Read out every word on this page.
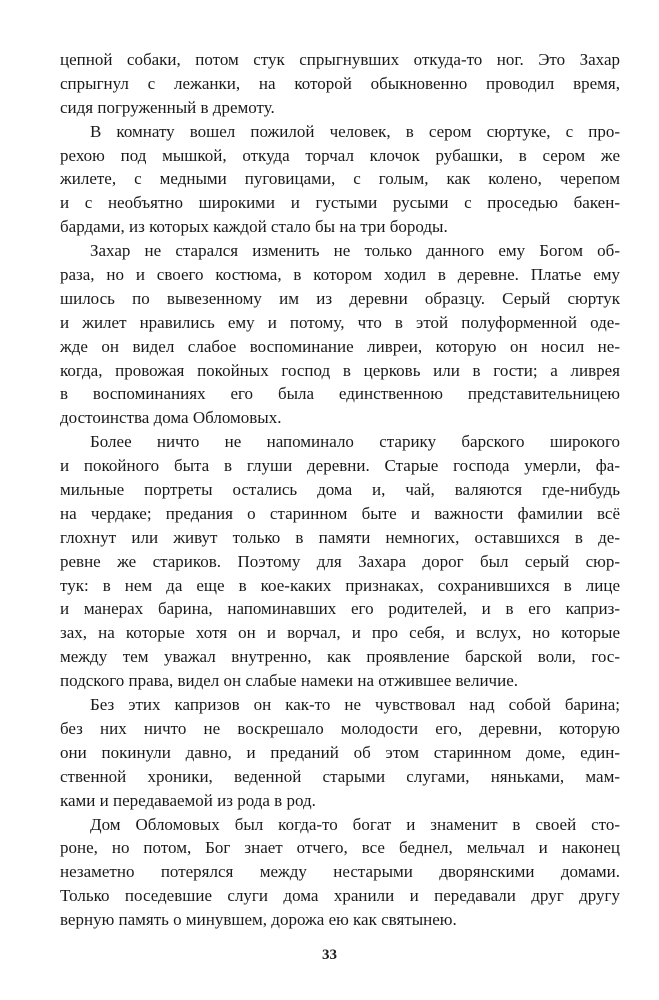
цепной собаки, потом стук спрыгнувших откуда-то ног. Это Захар
спрыгнул с лежанки, на которой обыкновенно проводил время,
сидя погруженный в дремоту.
В комнату вошел пожилой человек, в сером сюртуке, с про-
рехою под мышкой, откуда торчал клочок рубашки, в сером же
жилете, с медными пуговицами, с голым, как колено, черепом
и с необъятно широкими и густыми русыми с проседью бакен-
бардами, из которых каждой стало бы на три бороды.
Захар не старался изменить не только данного ему Богом об-
раза, но и своего костюма, в котором ходил в деревне. Платье ему
шилось по вывезенному им из деревни образцу. Серый сюртук
и жилет нравились ему и потому, что в этой полуформенной оде-
жде он видел слабое воспоминание ливреи, которую он носил не-
когда, провожая покойных господ в церковь или в гости; а ливрея
в воспоминаниях его была единственною представительницею
достоинства дома Обломовых.
Более ничто не напоминало старику барского широкого
и покойного быта в глуши деревни. Старые господа умерли, фа-
мильные портреты остались дома и, чай, валяются где-нибудь
на чердаке; предания о старинном быте и важности фамилии всё
глохнут или живут только в памяти немногих, оставшихся в де-
ревне же стариков. Поэтому для Захара дорог был серый сюр-
тук: в нем да еще в кое-каких признаках, сохранившихся в лице
и манерах барина, напоминавших его родителей, и в его каприз-
зах, на которые хотя он и ворчал, и про себя, и вслух, но которые
между тем уважал внутренно, как проявление барской воли, гос-
подского права, видел он слабые намеки на отжившее величие.
Без этих капризов он как-то не чувствовал над собой барина;
без них ничто не воскрешало молодости его, деревни, которую
они покинули давно, и преданий об этом старинном доме, един-
ственной хроники, веденной старыми слугами, няньками, мам-
ками и передаваемой из рода в род.
Дом Обломовых был когда-то богат и знаменит в своей сто-
роне, но потом, Бог знает отчего, все беднел, мельчал и наконец
незаметно потерялся между нестарыми дворянскими домами.
Только поседевшие слуги дома хранили и передавали друг другу
верную память о минувшем, дорожа ею как святынею.
33
